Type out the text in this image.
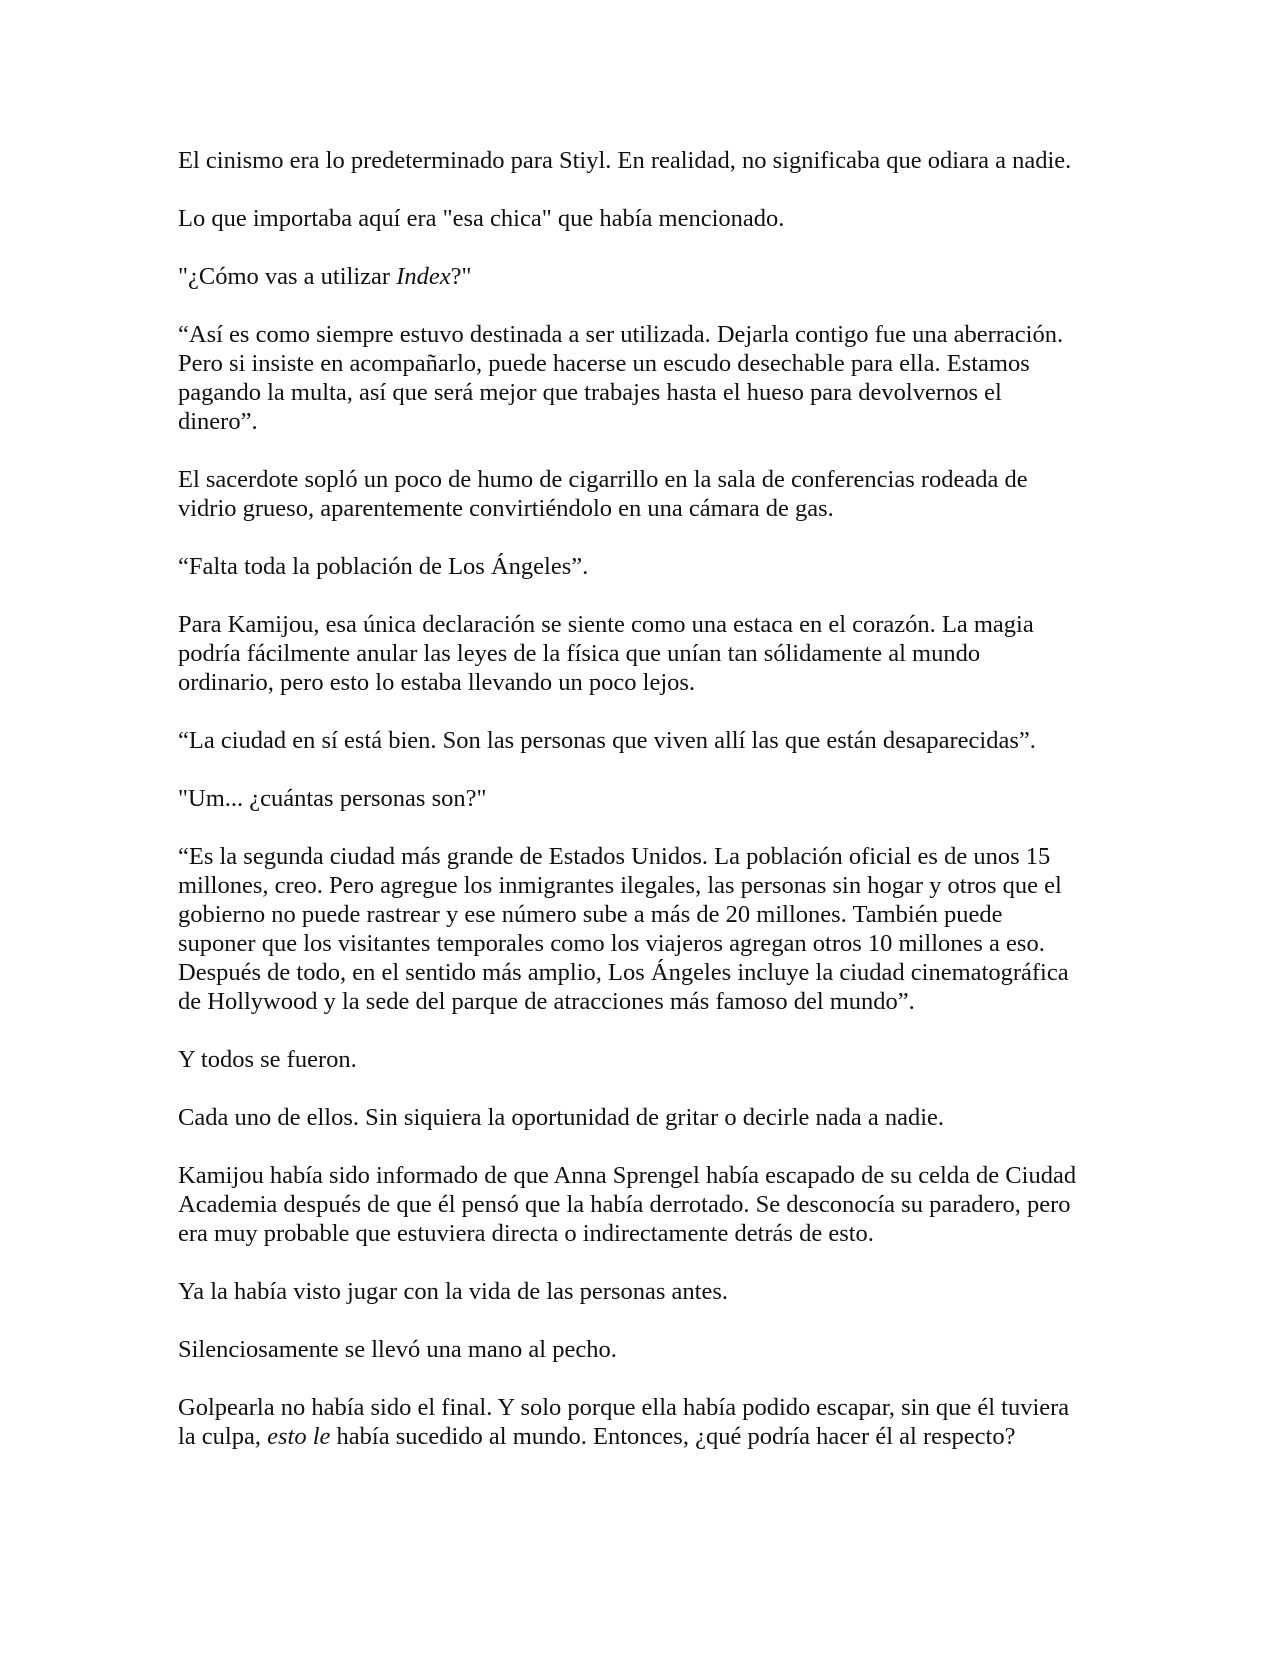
El cinismo era lo predeterminado para Stiyl. En realidad, no significaba que odiara a nadie.

Lo que importaba aquí era "esa chica" que había mencionado.

"¿Cómo vas a utilizar Index?"

“Así es como siempre estuvo destinada a ser utilizada. Dejarla contigo fue una aberración.
Pero si insiste en acompañarlo, puede hacerse un escudo desechable para ella. Estamos
pagando la multa, así que será mejor que trabajes hasta el hueso para devolvernos el
dinero”.

El sacerdote sopló un poco de humo de cigarrillo en la sala de conferencias rodeada de
vidrio grueso, aparentemente convirtiéndolo en una cámara de gas.

“Falta toda la población de Los Ángeles”.

Para Kamijou, esa única declaración se siente como una estaca en el corazón. La magia
podría fácilmente anular las leyes de la física que unían tan sólidamente al mundo
ordinario, pero esto lo estaba llevando un poco lejos.

“La ciudad en sí está bien. Son las personas que viven allí las que están desaparecidas”.

"Um... ¿cuántas personas son?"

“Es la segunda ciudad más grande de Estados Unidos. La población oficial es de unos 15
millones, creo. Pero agregue los inmigrantes ilegales, las personas sin hogar y otros que el
gobierno no puede rastrear y ese número sube a más de 20 millones. También puede
suponer que los visitantes temporales como los viajeros agregan otros 10 millones a eso.
Después de todo, en el sentido más amplio, Los Ángeles incluye la ciudad cinematográfica
de Hollywood y la sede del parque de atracciones más famoso del mundo”.

Y todos se fueron.

Cada uno de ellos. Sin siquiera la oportunidad de gritar o decirle nada a nadie.

Kamijou había sido informado de que Anna Sprengel había escapado de su celda de Ciudad
Academia después de que él pensó que la había derrotado. Se desconocía su paradero, pero
era muy probable que estuviera directa o indirectamente detrás de esto.

Ya la había visto jugar con la vida de las personas antes.

Silenciosamente se llevó una mano al pecho.

Golpearla no había sido el final. Y solo porque ella había podido escapar, sin que él tuviera
la culpa, esto le había sucedido al mundo. Entonces, ¿qué podría hacer él al respecto?
